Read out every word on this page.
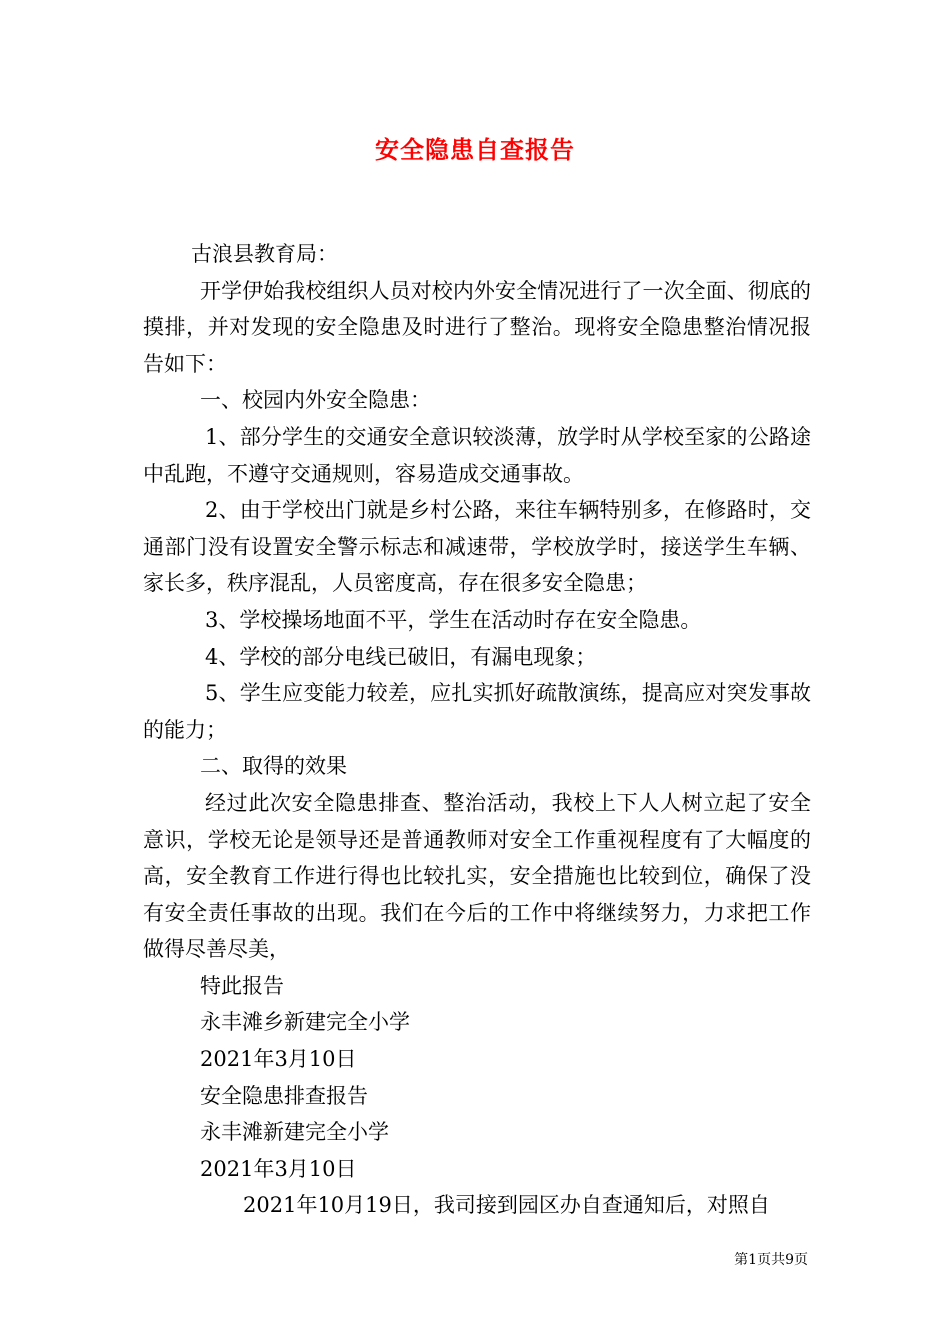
安全隐患自查报告

古浪县教育局：

开学伊始我校组织人员对校内外安全情况进行了一次全面、彻底的摸排，并对发现的安全隐患及时进行了整治。现将安全隐患整治情况报告如下：

一、校园内外安全隐患：

1、部分学生的交通安全意识较淡薄，放学时从学校至家的公路途中乱跑，不遵守交通规则，容易造成交通事故。

2、由于学校出门就是乡村公路，来往车辆特别多，在修路时，交通部门没有设置安全警示标志和减速带，学校放学时，接送学生车辆、家长多，秩序混乱，人员密度高，存在很多安全隐患；

3、学校操场地面不平，学生在活动时存在安全隐患。

4、学校的部分电线已破旧，有漏电现象；

5、学生应变能力较差，应扎实抓好疏散演练，提高应对突发事故的能力；

二、取得的效果

经过此次安全隐患排查、整治活动，我校上下人人树立起了安全意识，学校无论是领导还是普通教师对安全工作重视程度有了大幅度的高，安全教育工作进行得也比较扎实，安全措施也比较到位，确保了没有安全责任事故的出现。我们在今后的工作中将继续努力，力求把工作做得尽善尽美，

特此报告

永丰滩乡新建完全小学

2021年3月10日

安全隐患排查报告

永丰滩新建完全小学

2021年3月10日

2021年10月19日，我司接到园区办自查通知后，对照自

第1页共9页
